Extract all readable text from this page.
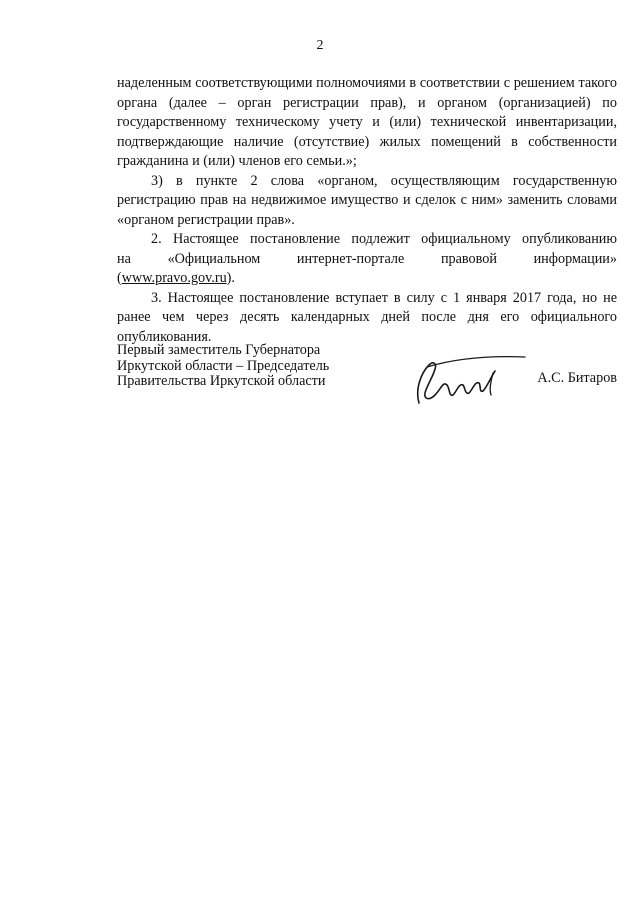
2

наделенным соответствующими полномочиями в соответствии с решением такого органа (далее – орган регистрации прав), и органом (организацией) по государственному техническому учету и (или) технической инвентаризации, подтверждающие наличие (отсутствие) жилых помещений в собственности гражданина и (или) членов его семьи.»;

3) в пункте 2 слова «органом, осуществляющим государственную регистрацию прав на недвижимое имущество и сделок с ним» заменить словами «органом регистрации прав».

2. Настоящее постановление подлежит официальному опубликованию

на «Официальном интернет-портале правовой информации»

(www.pravo.gov.ru).

3. Настоящее постановление вступает в силу с 1 января 2017 года, но не ранее чем через десять календарных дней после дня его официального опубликования.

Первый заместитель Губернатора
Иркутской области – Председатель
Правительства Иркутской области	А.С. Битаров
